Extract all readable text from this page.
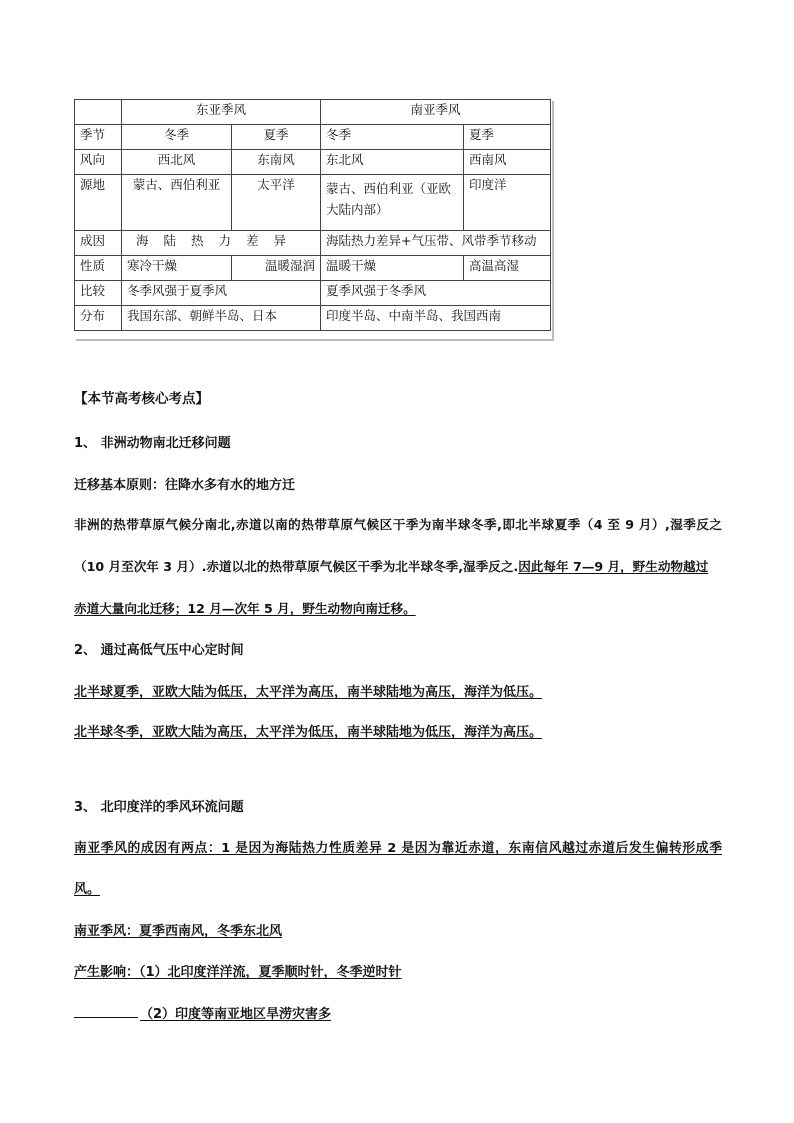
	东亚季风		南亚季风	
季节	冬季	夏季	冬季	夏季
风向	西北风	东南风	东北风	西南风
源地	蒙古、西伯利亚	太平洋	蒙古、西伯利亚（亚欧大陆内部）	印度洋
成因	海陆热力差异		海陆热力差异+气压带、风带季节移动	
性质	寒冷干燥	温暖湿润	温暖干燥	高温高湿
比较	冬季风强于夏季风		夏季风强于冬季风	
分布	我国东部、朝鲜半岛、日本		印度半岛、中南半岛、我国西南	
【本节高考核心考点】
1、 非洲动物南北迁移问题
迁移基本原则：往降水多有水的地方迁
非洲的热带草原气候分南北,赤道以南的热带草原气候区干季为南半球冬季,即北半球夏季（4 至 9 月）,湿季反之
（10 月至次年 3 月）.赤道以北的热带草原气候区干季为北半球冬季,湿季反之.因此每年 7—9 月，野生动物越过
赤道大量向北迁移；12 月—次年 5 月，野生动物向南迁移。
2、 通过高低气压中心定时间
北半球夏季，亚欧大陆为低压，太平洋为高压，南半球陆地为高压，海洋为低压。
北半球冬季，亚欧大陆为高压，太平洋为低压，南半球陆地为低压，海洋为高压。
3、 北印度洋的季风环流问题
南亚季风的成因有两点：1 是因为海陆热力性质差异 2 是因为靠近赤道，东南信风越过赤道后发生偏转形成季
风。
南亚季风：夏季西南风，冬季东北风
产生影响：（1）北印度洋洋流，夏季顺时针，冬季逆时针
（2）印度等南亚地区旱涝灾害多
